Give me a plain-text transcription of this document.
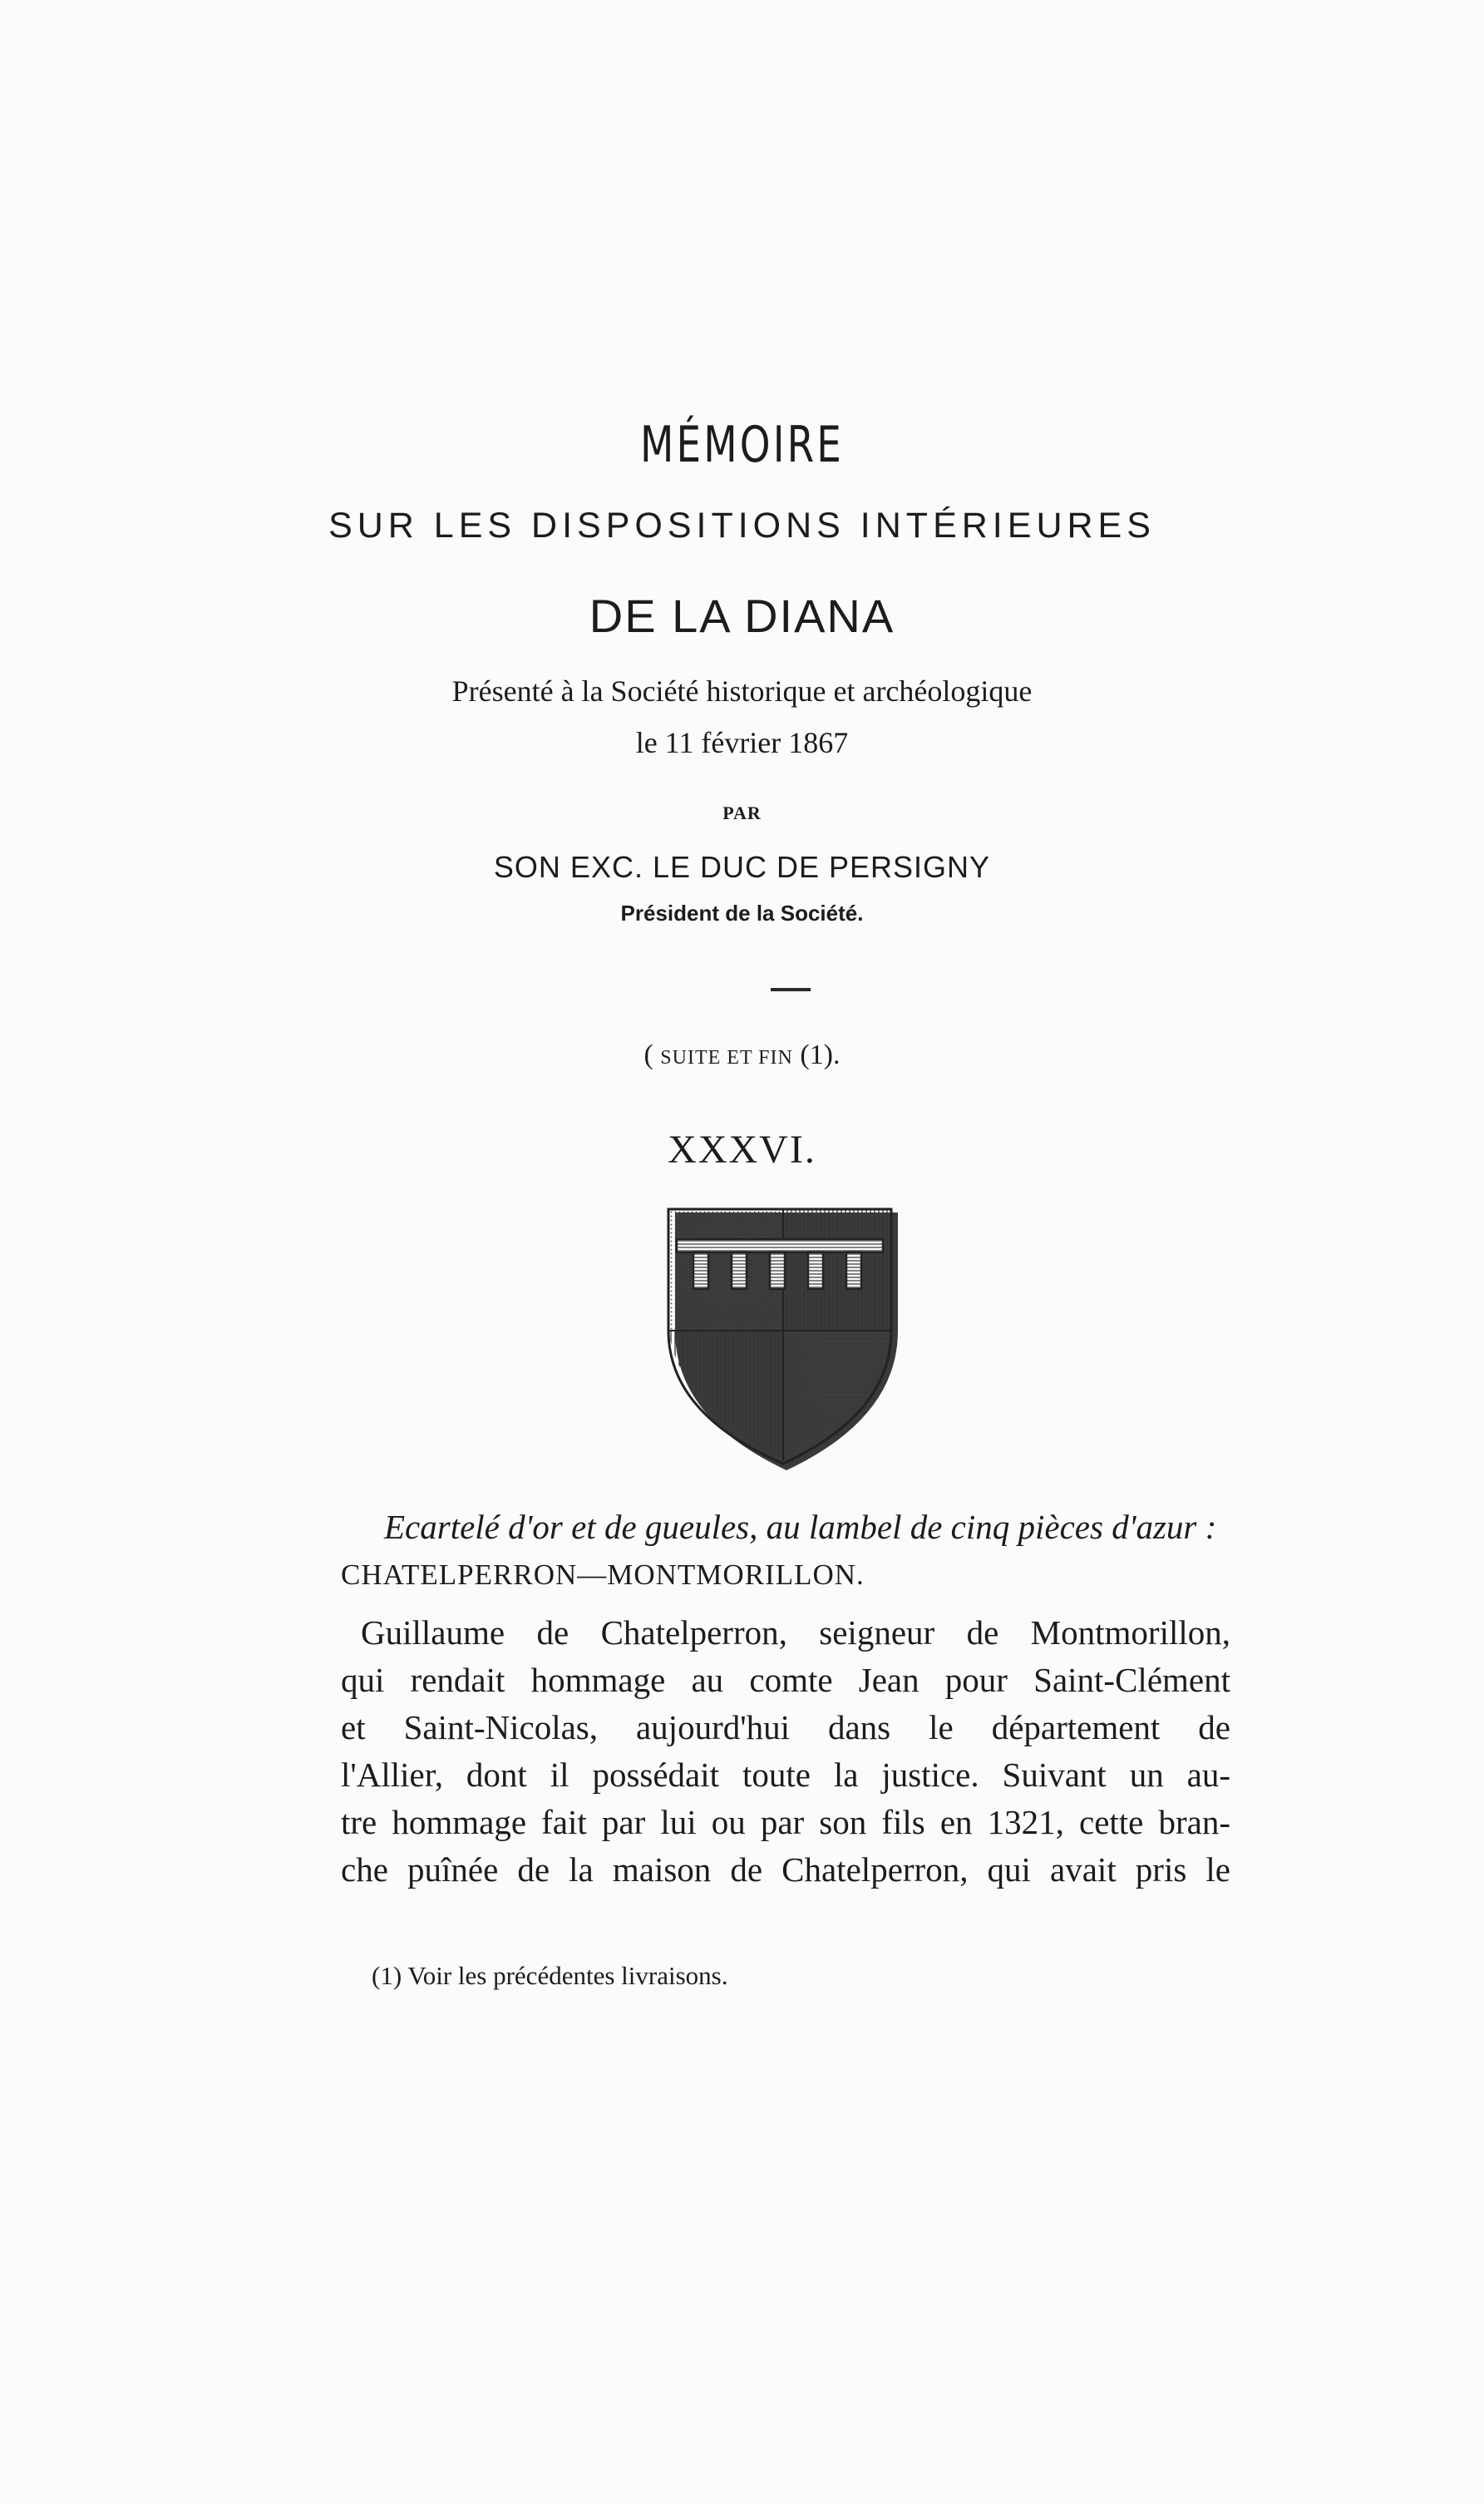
MÉMOIRE
SUR LES DISPOSITIONS INTÉRIEURES
DE LA DIANA
Présenté à la Société historique et archéologique
le 11 février 1867
PAR
SON EXC. LE DUC DE PERSIGNY
Président de la Société.
( SUITE ET FIN (1).
XXXVI.
Ecartelé d'or et de gueules, au lambel de cinq pièces d'azur :
CHATELPERRON—MONTMORILLON.
Guillaume de Chatelperron, seigneur de Montmorillon,
qui rendait hommage au comte Jean pour Saint-Clément
et Saint-Nicolas, aujourd'hui dans le département de
l'Allier, dont il possédait toute la justice. Suivant un au-
tre hommage fait par lui ou par son fils en 1321, cette bran-
che puînée de la maison de Chatelperron, qui avait pris le
(1) Voir les précédentes livraisons.
